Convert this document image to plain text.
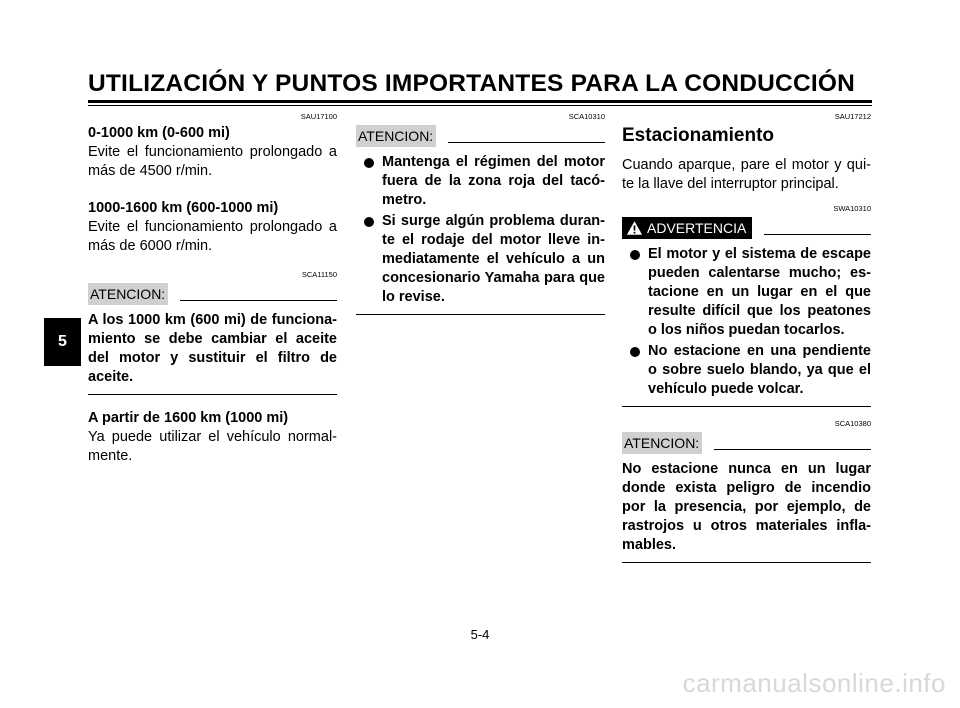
UTILIZACIÓN Y PUNTOS IMPORTANTES PARA LA CONDUCCIÓN
5
SAU17100

0-1000 km (0-600 mi)

Evite el funcionamiento prolongado a más de 4500 r/min.

1000-1600 km (600-1000 mi)

Evite el funcionamiento prolongado a más de 6000 r/min.

SCA11150
ATENCION:

A los 1000 km (600 mi) de funciona-miento se debe cambiar el aceite del motor y sustituir el filtro de aceite.

A partir de 1600 km (1000 mi)

Ya puede utilizar el vehículo normal-mente.

SCA10310
ATENCION:
Mantenga el régimen del motor fuera de la zona roja del tacó-metro.
Si surge algún problema duran-te el rodaje del motor lleve in-mediatamente el vehículo a un concesionario Yamaha para que lo revise.
SAU17212
Estacionamiento

Cuando aparque, pare el motor y qui-te la llave del interruptor principal.

SWA10310
ADVERTENCIA
El motor y el sistema de escape pueden calentarse mucho; es-tacione en un lugar en el que resulte difícil que los peatones o los niños puedan tocarlos.
No estacione en una pendiente o sobre suelo blando, ya que el vehículo puede volcar.
SCA10380
ATENCION:

No estacione nunca en un lugar donde exista peligro de incendio por la presencia, por ejemplo, de rastrojos u otros materiales infla-mables.

5-4
carmanualsonline.info
